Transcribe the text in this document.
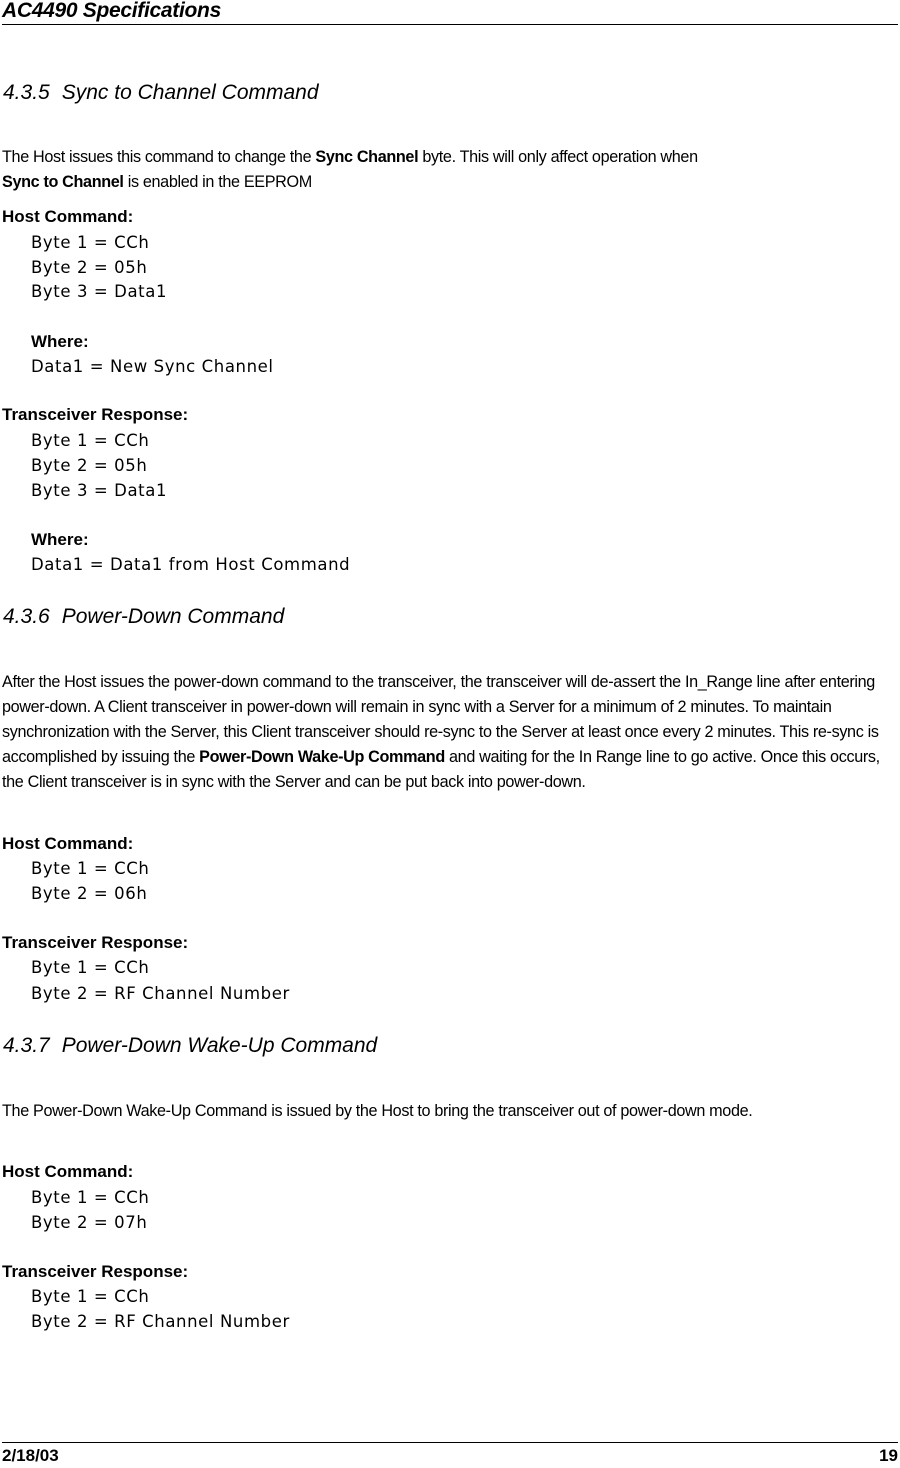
AC4490 Specifications
4.3.5 Sync to Channel Command
The Host issues this command to change the Sync Channel byte. This will only affect operation when
Sync to Channel is enabled in the EEPROM
Host Command:
Byte 1 = CCh
Byte 2 = 05h
Byte 3 = Data1
Where:
Data1 = New Sync Channel
Transceiver Response:
Byte 1 = CCh
Byte 2 = 05h
Byte 3 = Data1
Where:
Data1 = Data1 from Host Command
4.3.6 Power-Down Command
After the Host issues the power-down command to the transceiver, the transceiver will de-assert the In_Range line after entering power-down. A Client transceiver in power-down will remain in sync with a Server for a minimum of 2 minutes. To maintain synchronization with the Server, this Client transceiver should re-sync to the Server at least once every 2 minutes. This re-sync is accomplished by issuing the Power-Down Wake-Up Command and waiting for the In Range line to go active. Once this occurs, the Client transceiver is in sync with the Server and can be put back into power-down.
Host Command:
Byte 1 = CCh
Byte 2 = 06h
Transceiver Response:
Byte 1 = CCh
Byte 2 = RF Channel Number
4.3.7 Power-Down Wake-Up Command
The Power-Down Wake-Up Command is issued by the Host to bring the transceiver out of power-down mode.
Host Command:
Byte 1 = CCh
Byte 2 = 07h
Transceiver Response:
Byte 1 = CCh
Byte 2 = RF Channel Number
2/18/03	19
